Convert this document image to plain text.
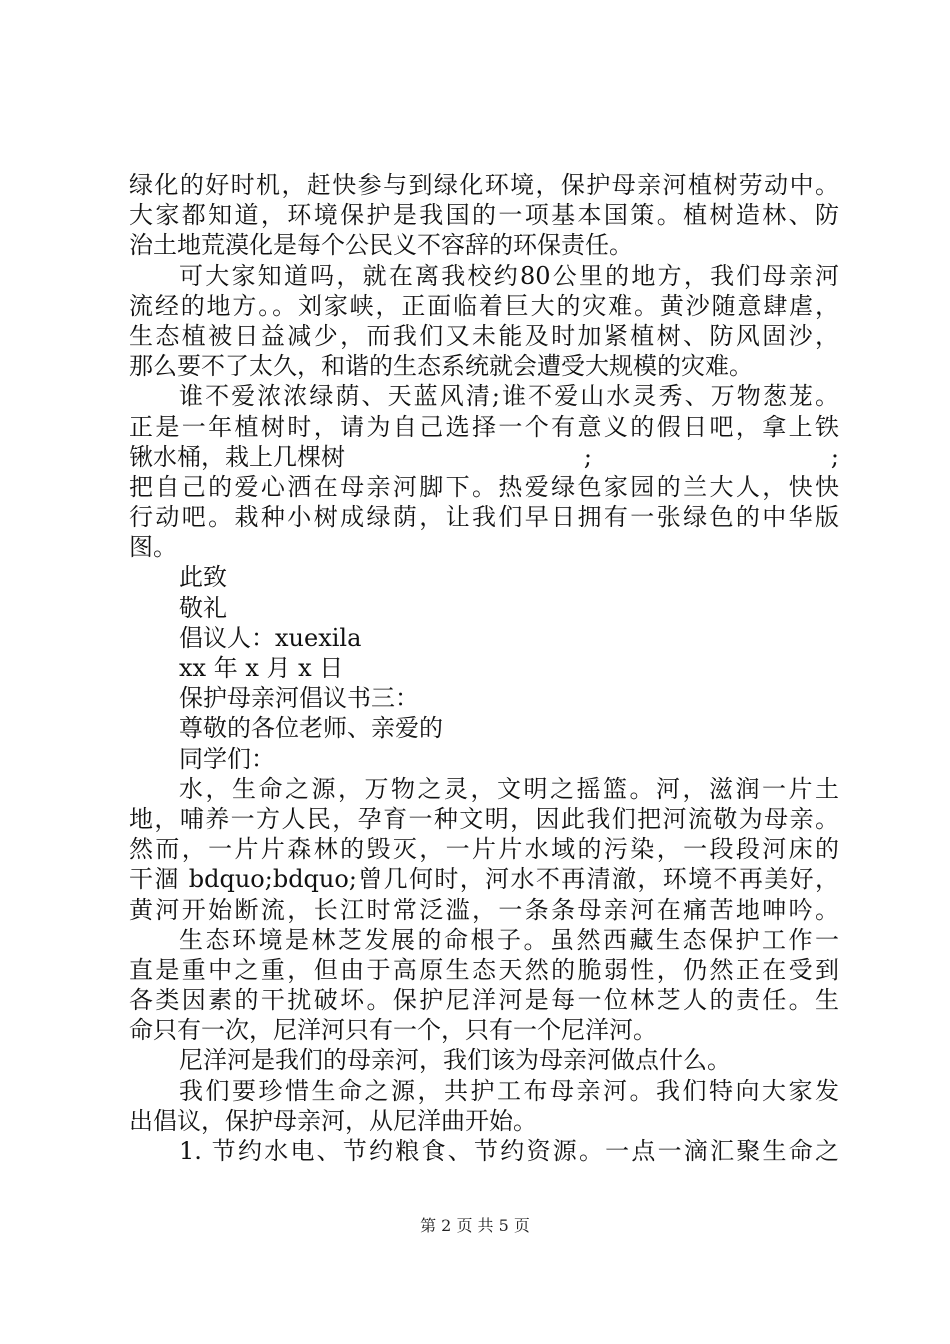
绿化的好时机，赶快参与到绿化环境，保护母亲河植树劳动中。
大家都知道，环境保护是我国的一项基本国策。植树造林、防
治土地荒漠化是每个公民义不容辞的环保责任。
可大家知道吗，就在离我校约80公里的地方，我们母亲河
流经的地方。。刘家峡，正面临着巨大的灾难。黄沙随意肆虐，
生态植被日益减少，而我们又未能及时加紧植树、防风固沙，
那么要不了太久，和谐的生态系统就会遭受大规模的灾难。
谁不爱浓浓绿荫、天蓝风清;谁不爱山水灵秀、万物葱茏。
正是一年植树时，请为自己选择一个有意义的假日吧，拿上铁
锹水桶，栽上几棵树	;	;
把自己的爱心洒在母亲河脚下。热爱绿色家园的兰大人，快快
行动吧。栽种小树成绿荫，让我们早日拥有一张绿色的中华版
图。
此致
敬礼
倡议人：xuexila
xx 年 x 月 x 日
保护母亲河倡议书三：
尊敬的各位老师、亲爱的
同学们：
水，生命之源，万物之灵，文明之摇篮。河，滋润一片土
地，哺养一方人民，孕育一种文明，因此我们把河流敬为母亲。
然而，一片片森林的毁灭，一片片水域的污染，一段段河床的
干涸 bdquo;bdquo;曾几何时，河水不再清澈，环境不再美好，
黄河开始断流，长江时常泛滥，一条条母亲河在痛苦地呻吟。
生态环境是林芝发展的命根子。虽然西藏生态保护工作一
直是重中之重，但由于高原生态天然的脆弱性，仍然正在受到
各类因素的干扰破坏。保护尼洋河是每一位林芝人的责任。生
命只有一次，尼洋河只有一个，只有一个尼洋河。
尼洋河是我们的母亲河，我们该为母亲河做点什么。
我们要珍惜生命之源，共护工布母亲河。我们特向大家发
出倡议，保护母亲河，从尼洋曲开始。
1. 节约水电、节约粮食、节约资源。一点一滴汇聚生命之
第 2 页 共 5 页
